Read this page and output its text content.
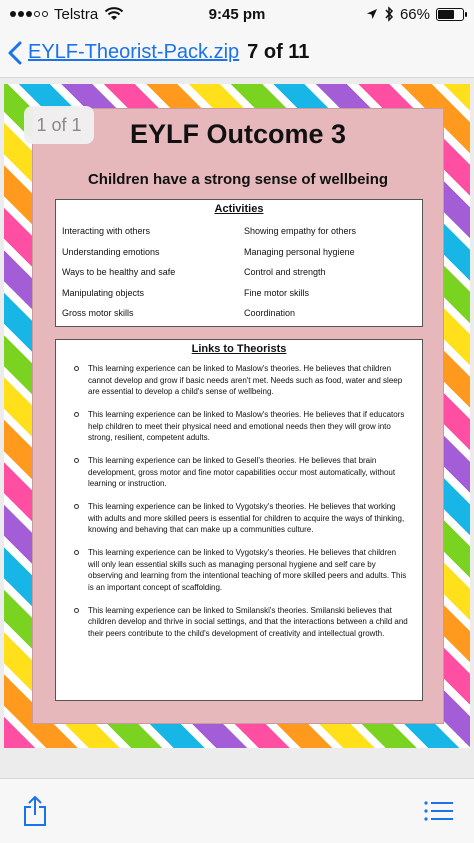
Telstra	9:45 pm	66%
EYLF-Theorist-Pack.zip 7 of 11
1 of 1	EYLF Outcome 3
Children have a strong sense of wellbeing
Activities
Interacting with others	Showing empathy for others
Understanding emotions	Managing personal hygiene
Ways to be healthy and safe	Control and strength
Manipulating objects	Fine motor skills
Gross motor skills	Coordination
Links to Theorists
This learning experience can be linked to Maslow's theories. He believes that children cannot develop and grow if basic needs aren't met. Needs such as food, water and sleep are essential to develop a child's sense of wellbeing.
This learning experience can be linked to Maslow's theories. He believes that if educators help children to meet their physical need and emotional needs then they will grow into strong, resilient, competent adults.
This learning experience can be linked to Gesell's theories. He believes that brain development, gross motor and fine motor capabilities occur most automatically, without learning or instruction.
This learning experience can be linked to Vygotsky's theories. He believes that working with adults and more skilled peers is essential for children to acquire the ways of thinking, knowing and behaving that can make up a communities culture.
This learning experience can be linked to Vygotsky's theories. He believes that children will only lean essential skills such as managing personal hygiene and self care by observing and learning from the intentional teaching of more skilled peers and adults. This is an important concept of scaffolding.
This learning experience can be linked to Smilanski's theories. Smilanski believes that children develop and thrive in social settings, and that the interactions between a child and their peers contribute to the child's development of creativity and intellectual growth.
